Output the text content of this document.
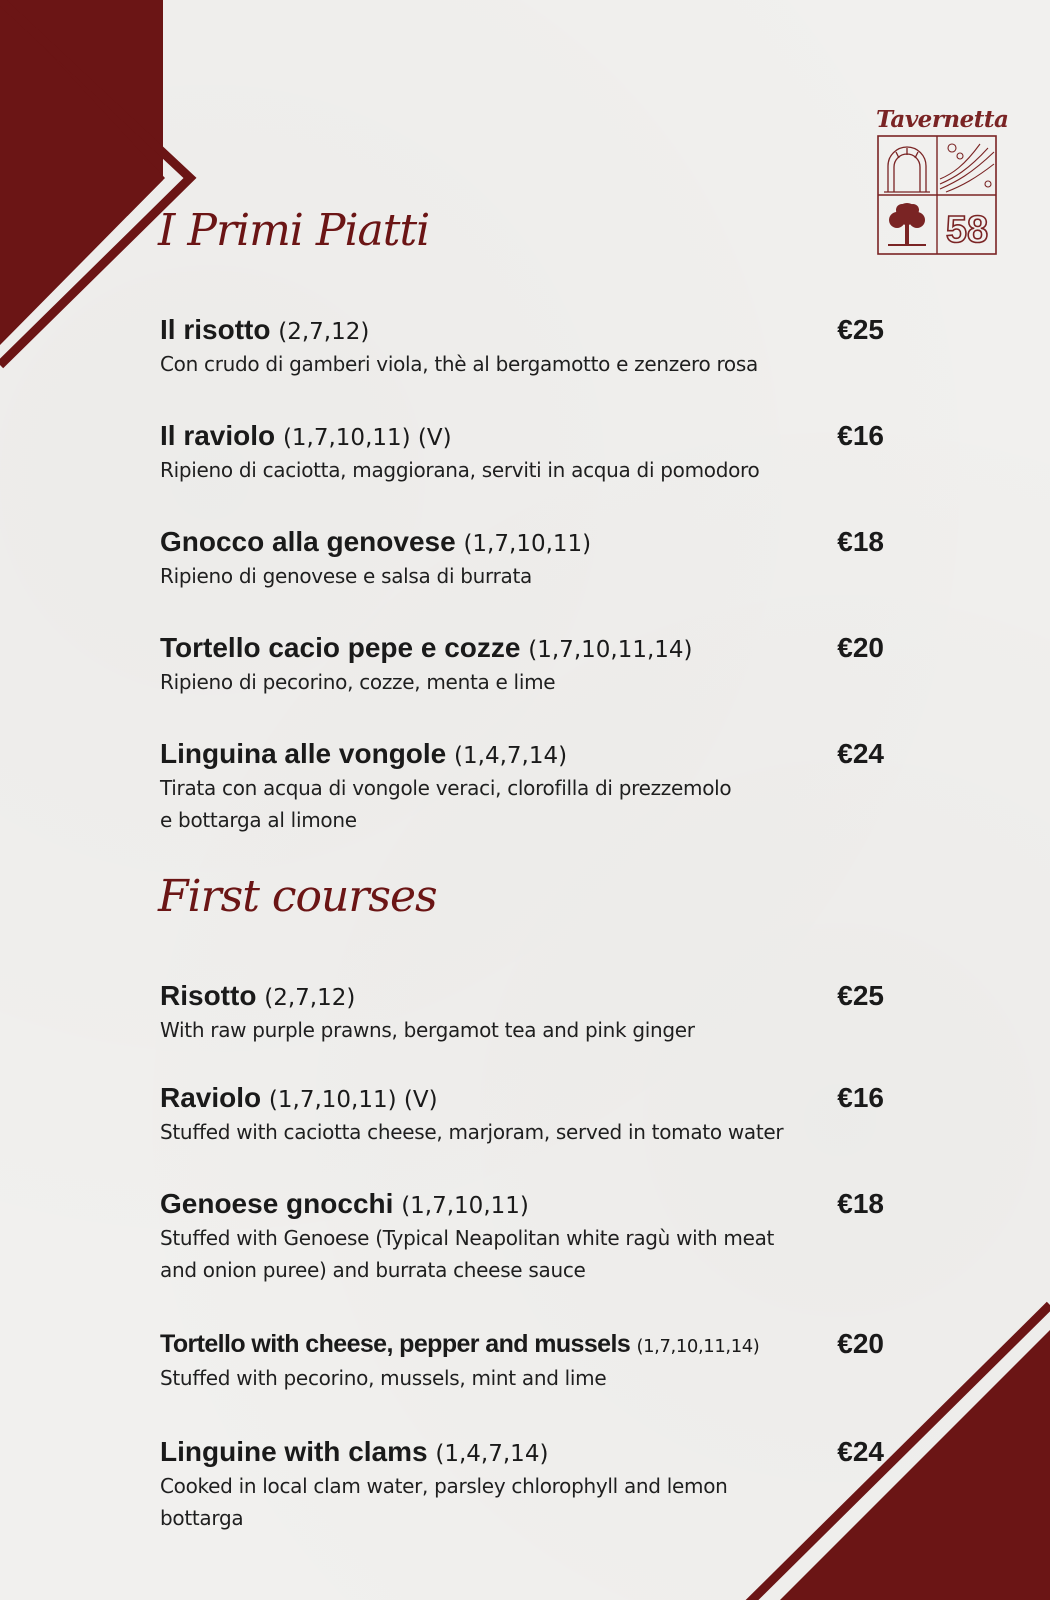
Tavernetta
58
I Primi Piatti
Il risotto (2,7,12)	€25
Con crudo di gamberi viola, thè al bergamotto e zenzero rosa
Il raviolo (1,7,10,11) (V)	€16
Ripieno di caciotta, maggiorana, serviti in acqua di pomodoro
Gnocco alla genovese (1,7,10,11)	€18
Ripieno di genovese e salsa di burrata
Tortello cacio pepe e cozze (1,7,10,11,14)	€20
Ripieno di pecorino, cozze, menta e lime
Linguina alle vongole (1,4,7,14)	€24
Tirata con acqua di vongole veraci, clorofilla di prezzemolo
e bottarga al limone
First courses
Risotto (2,7,12)	€25
With raw purple prawns, bergamot tea and pink ginger
Raviolo (1,7,10,11) (V)	€16
Stuffed with caciotta cheese, marjoram, served in tomato water
Genoese gnocchi (1,7,10,11)	€18
Stuffed with Genoese (Typical Neapolitan white ragù with meat
and onion puree) and burrata cheese sauce
Tortello with cheese, pepper and mussels (1,7,10,11,14)	€20
Stuffed with pecorino, mussels, mint and lime
Linguine with clams (1,4,7,14)	€24
Cooked in local clam water, parsley chlorophyll and lemon
bottarga
